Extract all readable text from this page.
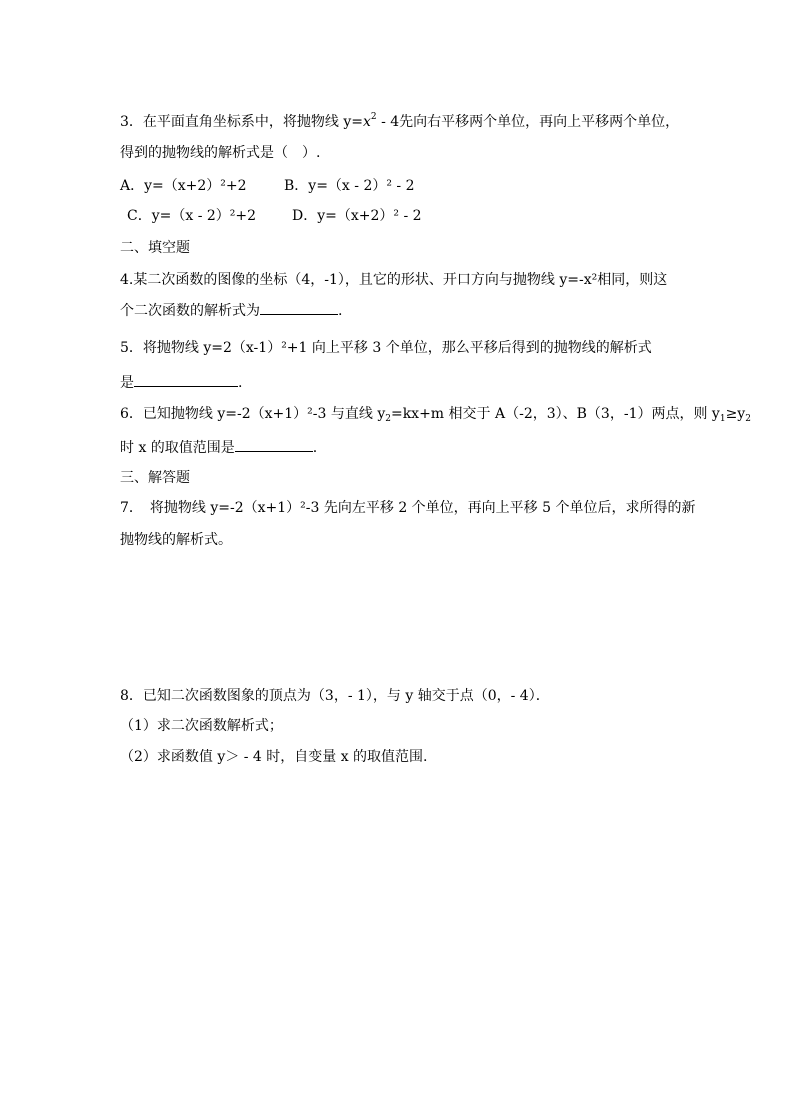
3．在平面直角坐标系中，将抛物线 $y=x^2 - 4$先向右平移两个单位，再向上平移两个单位，
得到的抛物线的解析式是（　）.
A．y=（x+2）²+2	B．y=（x - 2）² - 2
C．y=（x - 2）²+2	D．y=（x+2）² - 2
二、填空题
4.某二次函数的图像的坐标（4，-1），且它的形状、开口方向与抛物线 y=-x²相同，则这
个二次函数的解析式为	.
5．将抛物线 y=2（x-1）²+1 向上平移 3 个单位，那么平移后得到的抛物线的解析式
是	.
6．已知抛物线 y=-2（x+1）²-3 与直线 $y_2=kx+m$ 相交于 A（-2，3）、B（3，-1）两点，则 $y_1\ge y_2$
时 x 的取值范围是	.
三、解答题
7．　将抛物线 y=-2（x+1）²-3 先向左平移 2 个单位，再向上平移 5 个单位后，求所得的新
抛物线的解析式。
8．已知二次函数图象的顶点为（3，- 1），与 y 轴交于点（0，- 4）．
（1）求二次函数解析式；
（2）求函数值 y＞ - 4 时，自变量 x 的取值范围.
